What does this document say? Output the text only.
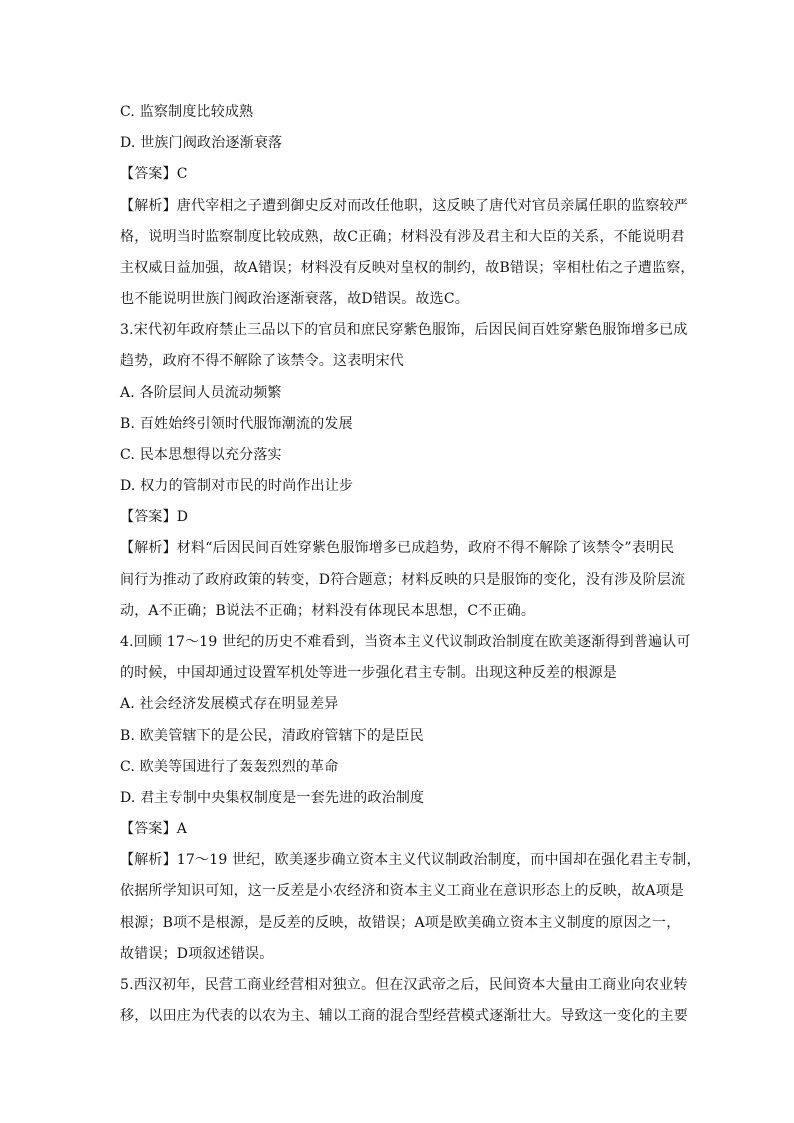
C. 监察制度比较成熟
D. 世族门阀政治逐渐衰落
【答案】C
【解析】唐代宰相之子遭到御史反对而改任他职，这反映了唐代对官员亲属任职的监察较严
格，说明当时监察制度比较成熟，故C正确；材料没有涉及君主和大臣的关系，不能说明君
主权威日益加强，故A错误；材料没有反映对皇权的制约，故B错误；宰相杜佑之子遭监察，
也不能说明世族门阀政治逐渐衰落，故D错误。故选C。
3.宋代初年政府禁止三品以下的官员和庶民穿紫色服饰，后因民间百姓穿紫色服饰增多已成
趋势，政府不得不解除了该禁令。这表明宋代
A. 各阶层间人员流动频繁
B. 百姓始终引领时代服饰潮流的发展
C. 民本思想得以充分落实
D. 权力的管制对市民的时尚作出让步
【答案】D
【解析】材料“后因民间百姓穿紫色服饰增多已成趋势，政府不得不解除了该禁令”表明民
间行为推动了政府政策的转变，D符合题意；材料反映的只是服饰的变化，没有涉及阶层流
动，A不正确；B说法不正确；材料没有体现民本思想，C不正确。
4.回顾 17～19 世纪的历史不难看到，当资本主义代议制政治制度在欧美逐渐得到普遍认可
的时候，中国却通过设置军机处等进一步强化君主专制。出现这种反差的根源是
A. 社会经济发展模式存在明显差异
B. 欧美管辖下的是公民，清政府管辖下的是臣民
C. 欧美等国进行了轰轰烈烈的革命
D. 君主专制中央集权制度是一套先进的政治制度
【答案】A
【解析】17～19 世纪，欧美逐步确立资本主义代议制政治制度，而中国却在强化君主专制，
依据所学知识可知，这一反差是小农经济和资本主义工商业在意识形态上的反映，故A项是
根源；B项不是根源，是反差的反映，故错误；A项是欧美确立资本主义制度的原因之一，
故错误；D项叙述错误。
5.西汉初年，民营工商业经营相对独立。但在汉武帝之后，民间资本大量由工商业向农业转
移，以田庄为代表的以农为主、辅以工商的混合型经营模式逐渐壮大。导致这一变化的主要
